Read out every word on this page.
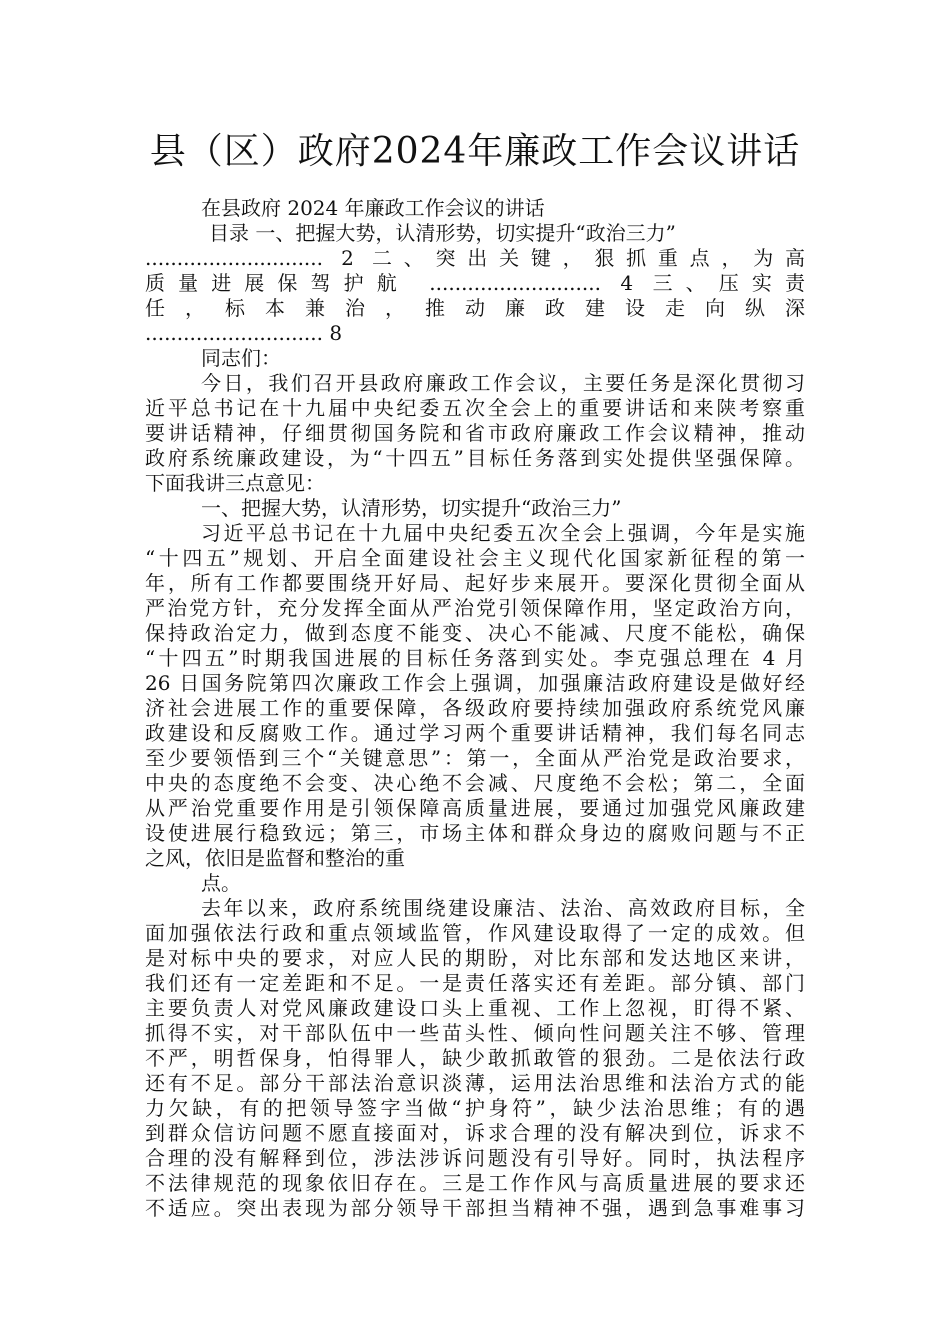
县（区）政府2024年廉政工作会议讲话
在县政府 2024 年廉政工作会议的讲话
目录 一、把握大势，认清形势，切实提升“政治三力”
............................ 2 二、突出关键，狠抓重点，为高
质量进展保驾护航 ........................... 4 三、压实责
任 ， 标 本 兼 治 ， 推 动 廉 政 建 设 走 向 纵 深
............................ 8
同志们：
今日，我们召开县政府廉政工作会议，主要任务是深化贯彻习
近平总书记在十九届中央纪委五次全会上的重要讲话和来陕考察重
要讲话精神，仔细贯彻国务院和省市政府廉政工作会议精神，推动
政府系统廉政建设，为“十四五”目标任务落到实处提供坚强保障。
下面我讲三点意见：
一、把握大势，认清形势，切实提升“政治三力”
习近平总书记在十九届中央纪委五次全会上强调，今年是实施
“十四五”规划、开启全面建设社会主义现代化国家新征程的第一
年，所有工作都要围绕开好局、起好步来展开。要深化贯彻全面从
严治党方针，充分发挥全面从严治党引领保障作用，坚定政治方向，
保持政治定力，做到态度不能变、决心不能减、尺度不能松，确保
“十四五”时期我国进展的目标任务落到实处。李克强总理在 4 月
26 日国务院第四次廉政工作会上强调，加强廉洁政府建设是做好经
济社会进展工作的重要保障，各级政府要持续加强政府系统党风廉
政建设和反腐败工作。通过学习两个重要讲话精神，我们每名同志
至少要领悟到三个“关键意思”：第一，全面从严治党是政治要求，
中央的态度绝不会变、决心绝不会减、尺度绝不会松；第二，全面
从严治党重要作用是引领保障高质量进展，要通过加强党风廉政建
设使进展行稳致远；第三，市场主体和群众身边的腐败问题与不正
之风，依旧是监督和整治的重
点。
去年以来，政府系统围绕建设廉洁、法治、高效政府目标，全
面加强依法行政和重点领域监管，作风建设取得了一定的成效。但
是对标中央的要求，对应人民的期盼，对比东部和发达地区来讲，
我们还有一定差距和不足。一是责任落实还有差距。部分镇、部门
主要负责人对党风廉政建设口头上重视、工作上忽视，盯得不紧、
抓得不实，对干部队伍中一些苗头性、倾向性问题关注不够、管理
不严，明哲保身，怕得罪人，缺少敢抓敢管的狠劲。二是依法行政
还有不足。部分干部法治意识淡薄，运用法治思维和法治方式的能
力欠缺，有的把领导签字当做“护身符”，缺少法治思维；有的遇
到群众信访问题不愿直接面对，诉求合理的没有解决到位，诉求不
合理的没有解释到位，涉法涉诉问题没有引导好。同时，执法程序
不法律规范的现象依旧存在。三是工作作风与高质量进展的要求还
不适应。突出表现为部分领导干部担当精神不强，遇到急事难事习
